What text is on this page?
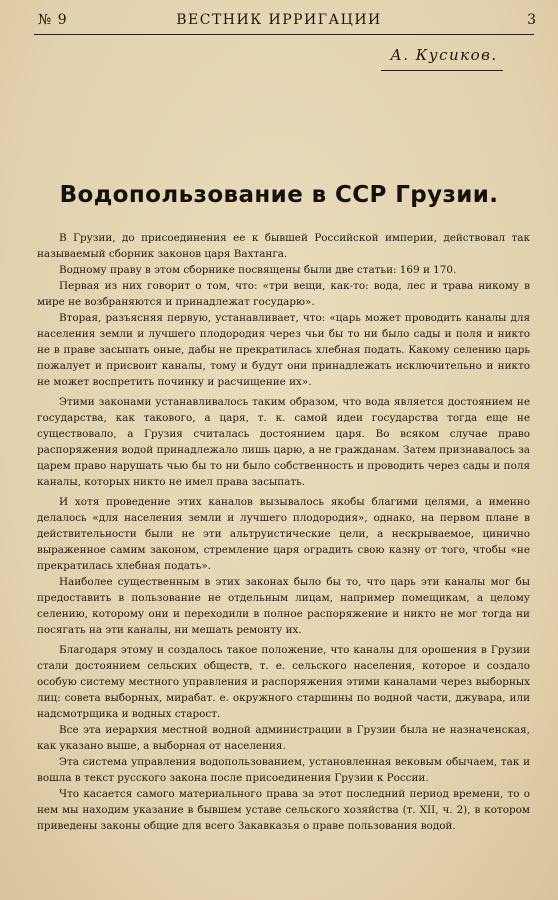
№ 9	ВЕСТНИК ИРРИГАЦИИ	3
А. Кусиков.
Водопользование в ССР Грузии.

В Грузии, до присоединения ее к бывшей Российской империи, действовал так называемый сборник законов царя Вахтанга.

Водному праву в этом сборнике посвящены были две статьи: 169 и 170.

Первая из них говорит о том, что: «три вещи, как-то: вода, лес и трава никому в мире не возбраняются и принадлежат государю».

Вторая, разъясняя первую, устанавливает, что: «царь может проводить каналы для населения земли и лучшего плодородия через чьи бы то ни было сады и поля и никто не в праве засыпать оные, дабы не прекратилась хлебная подать. Какому селению царь пожалует и присвоит каналы, тому и будут они принадлежать исключительно и никто не может воспретить починку и расчищение их».

Этими законами устанавливалось таким образом, что вода является достоянием не государства, как такового, а царя, т. к. самой идеи государства тогда еще не существовало, а Грузия считалась достоянием царя. Во всяком случае право распоряжения водой принадлежало лишь царю, а не гражданам. Затем признавалось за царем право нарушать чью бы то ни было собственность и проводить через сады и поля каналы, которых никто не имел права засыпать.

И хотя проведение этих каналов вызывалось якобы благими целями, а именно делалось «для населения земли и лучшего плодородия», однако, на первом плане в действительности были не эти альтруистические цели, а нескрываемое, цинично выраженное самим законом, стремление царя оградить свою казну от того, чтобы «не прекратилась хлебная подать».

Наиболее существенным в этих законах было бы то, что царь эти каналы мог бы предоставить в пользование не отдельным лицам, например помещикам, а целому селению, которому они и переходили в полное распоряжение и никто не мог тогда ни посягать на эти каналы, ни мешать ремонту их.

Благодаря этому и создалось такое положение, что каналы для орошения в Грузии стали достоянием сельских обществ, т. е. сельского населения, которое и создало особую систему местного управления и распоряжения этими каналами через выборных лиц: совета выборных, мирабат. е. окружного старшины по водной части, джувара, или надсмотрщика и водных старост.

Все эта иерархия местной водной администрации в Грузии была не назначенская, как указано выше, а выборная от населения.

Эта система управления водопользованием, установленная вековым обычаем, так и вошла в текст русского закона после присоединения Грузии к России.

Что касается самого материального права за этот последний период времени, то о нем мы находим указание в бывшем уставе сельского хозяйства (т. XII, ч. 2), в котором приведены законы общие для всего Закавказья о праве пользования водой.
